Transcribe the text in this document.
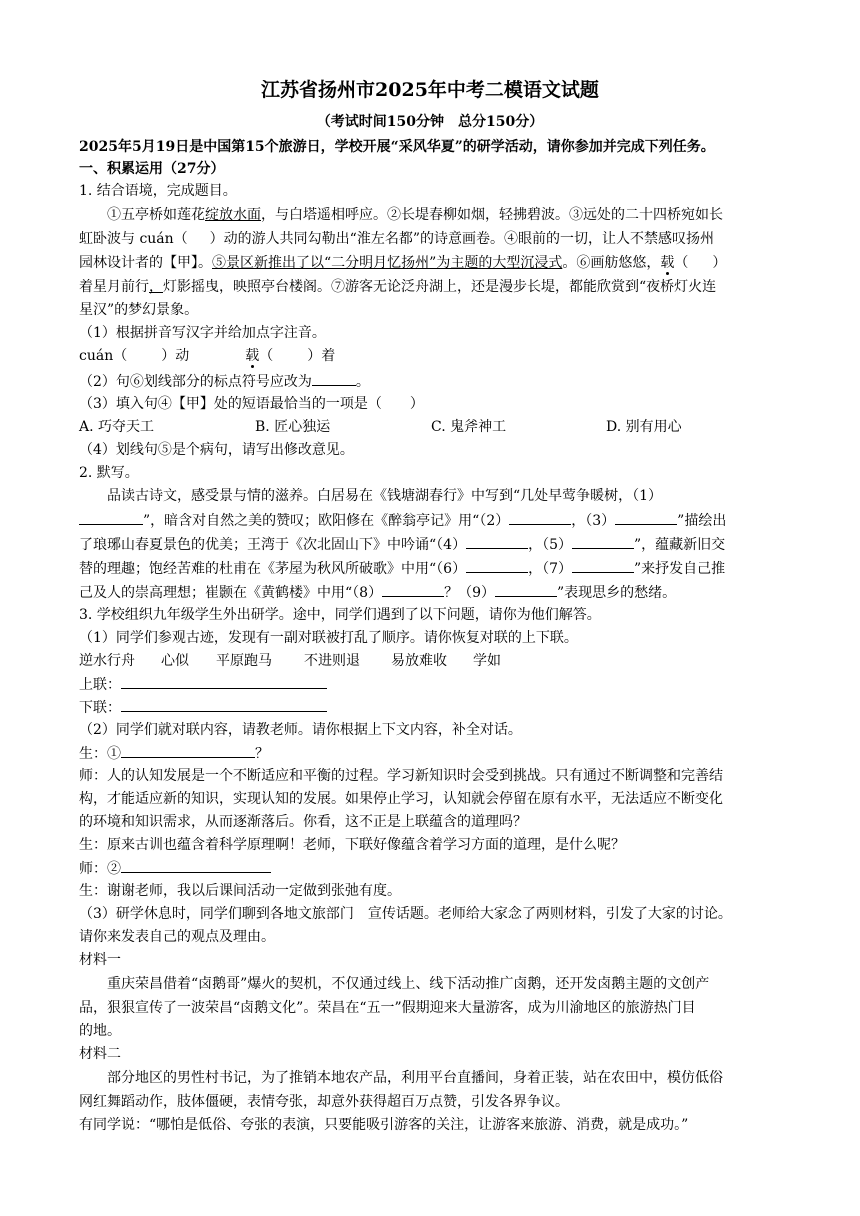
江苏省扬州市2025年中考二模语文试题
（考试时间150分钟　总分150分）
2025年5月19日是中国第15个旅游日，学校开展“采风华夏”的研学活动，请你参加并完成下列任务。
一、积累运用（27分）
1. 结合语境，完成题目。
①五亭桥如莲花绽放水面，与白塔遥相呼应。②长堤春柳如烟，轻拂碧波。③远处的二十四桥宛如长
虹卧波与 cuán（ ）动的游人共同勾勒出“淮左名都”的诗意画卷。④眼前的一切，让人不禁感叹扬州
园林设计者的【甲】。⑤景区新推出了以“二分明月忆扬州”为主题的大型沉浸式。⑥画舫悠悠，载（ ）
着星月前行，灯影摇曳，映照亭台楼阁。⑦游客无论泛舟湖上，还是漫步长堤，都能欣赏到“夜桥灯火连
星汉”的梦幻景象。
（1）根据拼音写汉字并给加点字注音。
cuán（ ）动	载（ ）着
（2）句⑥划线部分的标点符号应改为	。
（3）填入句④【甲】处的短语最恰当的一项是（　　）
A. 巧夺天工	B. 匠心独运	C. 鬼斧神工	D. 别有用心
（4）划线句⑤是个病句，请写出修改意见。
2. 默写。
品读古诗文，感受景与情的滋养。白居易在《钱塘湖春行》中写到“几处早莺争暖树，（1）
”，暗含对自然之美的赞叹；欧阳修在《醉翁亭记》用“（2）	，（3）	”描绘出
了琅琊山春夏景色的优美；王湾于《次北固山下》中吟诵“（4）	，（5）	”，蕴藏新旧交
替的理趣；饱经苦难的杜甫在《茅屋为秋风所破歌》中用“（6）	，（7）	”来抒发自己推
己及人的崇高理想；崔颢在《黄鹤楼》中用“（8）	？（9）	”表现思乡的愁绪。
3. 学校组织九年级学生外出研学。途中，同学们遇到了以下问题，请你为他们解答。
（1）同学们参观古迹，发现有一副对联被打乱了顺序。请你恢复对联的上下联。
逆水行舟 心似 平原跑马 不进则退 易放难收 学如
上联：
下联：
（2）同学们就对联内容，请教老师。请你根据上下文内容，补全对话。
生：①	？
师：人的认知发展是一个不断适应和平衡的过程。学习新知识时会受到挑战。只有通过不断调整和完善结
构，才能适应新的知识，实现认知的发展。如果停止学习，认知就会停留在原有水平，无法适应不断变化
的环境和知识需求，从而逐渐落后。你看，这不正是上联蕴含的道理吗？
生：原来古训也蕴含着科学原理啊！老师，下联好像蕴含着学习方面的道理，是什么呢？
师：②
生：谢谢老师，我以后课间活动一定做到张弛有度。
（3）研学休息时，同学们聊到各地文旅部门　宣传话题。老师给大家念了两则材料，引发了大家的讨论。
请你来发表自己的观点及理由。
材料一
重庆荣昌借着“卤鹅哥”爆火的契机，不仅通过线上、线下活动推广卤鹅，还开发卤鹅主题的文创产
品，狠狠宣传了一波荣昌“卤鹅文化”。荣昌在“五一”假期迎来大量游客，成为川渝地区的旅游热门目
的地。
材料二
部分地区的男性村书记，为了推销本地农产品，利用平台直播间，身着正装，站在农田中，模仿低俗
网红舞蹈动作，肢体僵硬，表情夸张，却意外获得超百万点赞，引发各界争议。
有同学说：“哪怕是低俗、夸张的表演，只要能吸引游客的关注，让游客来旅游、消费，就是成功。”
